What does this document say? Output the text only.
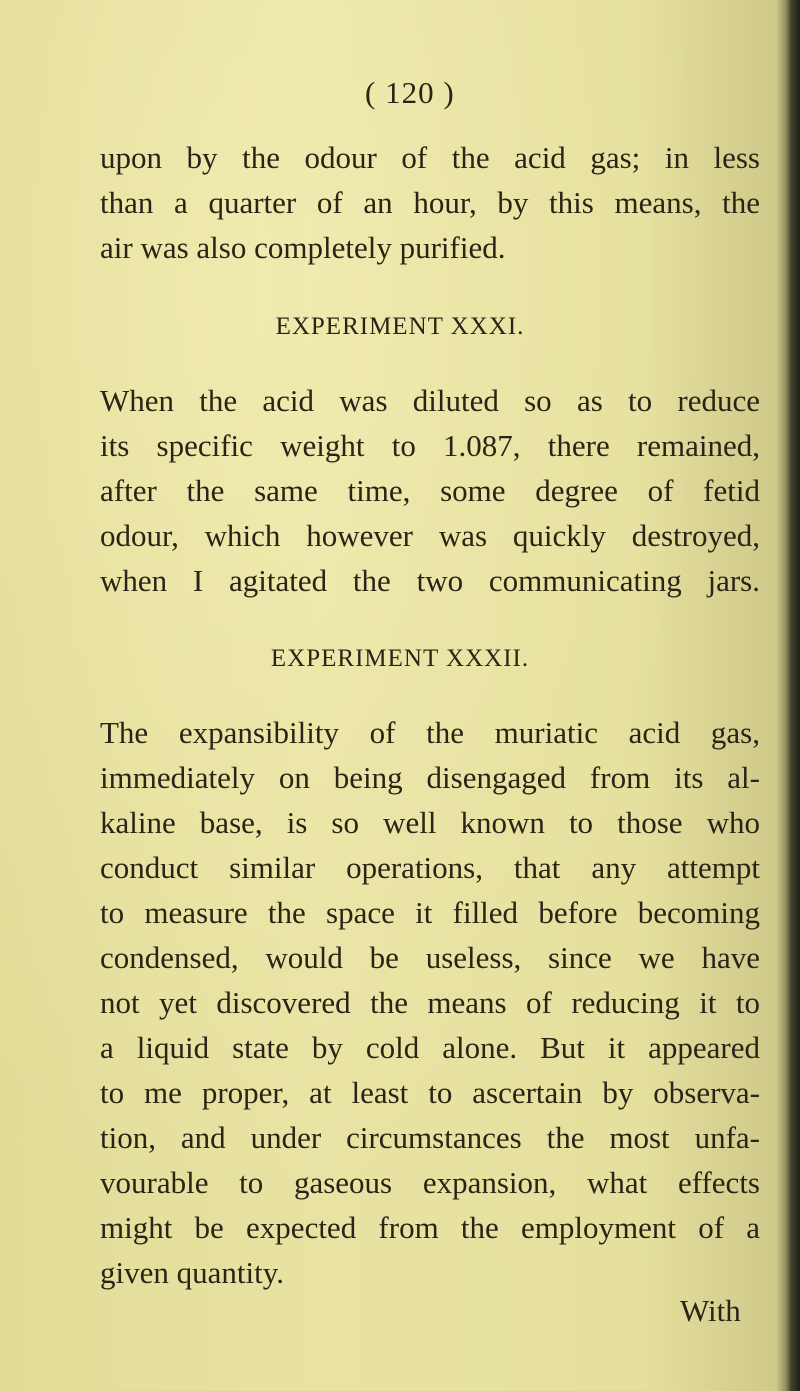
( 120 )
upon by the odour of the acid gas; in less
than a quarter of an hour, by this means, the
air was also completely purified.
EXPERIMENT XXXI.
When the acid was diluted so as to reduce
its specific weight to 1.087, there remained,
after the same time, some degree of fetid
odour, which however was quickly destroyed,
when I agitated the two communicating jars.
EXPERIMENT XXXII.
The expansibility of the muriatic acid gas,
immediately on being disengaged from its al-
kaline base, is so well known to those who
conduct similar operations, that any attempt
to measure the space it filled before becoming
condensed, would be useless, since we have
not yet discovered the means of reducing it to
a liquid state by cold alone. But it appeared
to me proper, at least to ascertain by observa-
tion, and under circumstances the most unfa-
vourable to gaseous expansion, what effects
might be expected from the employment of a
given quantity.
With
